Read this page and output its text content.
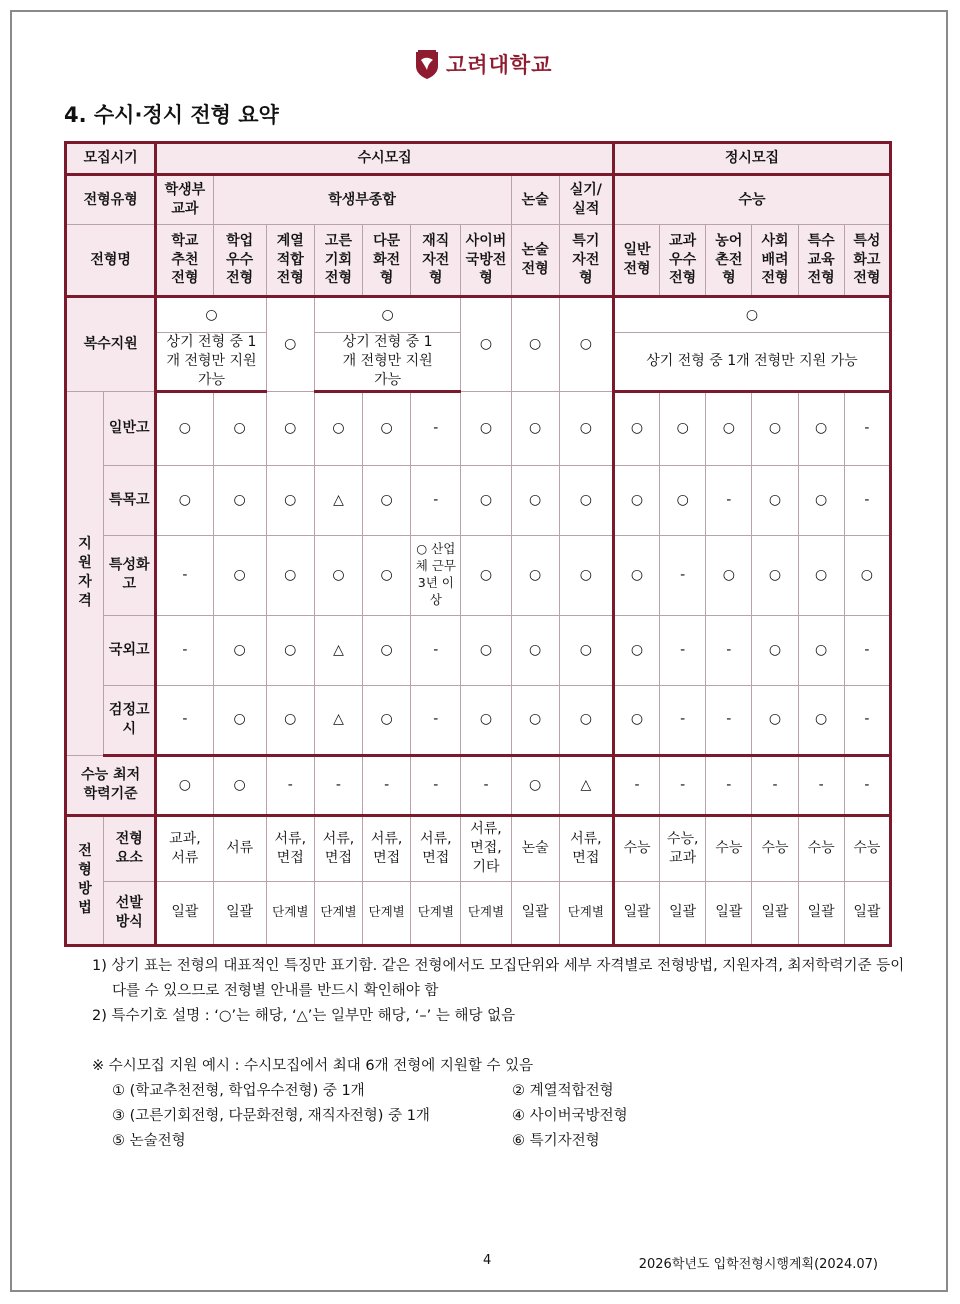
고려대학교
4. 수시·정시 전형 요약
모집시기		수시모집									정시모집					
전형유형		학생부교과	학생부종합						논술	실기/실적	수능					
전형명		학교추천전형	학업우수전형	계열적합전형	고른기회전형	다문화전형	재직자전형	사이버국방전형	논술전형	특기자전형	일반전형	교과우수전형	농어촌전형	사회배려전형	특수교육전형	특성화고전형
복수지원		○		○	○			○	○	○	○					
		상기 전형 중 1개 전형만 지원 가능			상기 전형 중 1개 전형만 지원 가능						상기 전형 중 1개 전형만 지원 가능					
지원자격	일반고	○	○	○	○	○	-	○	○	○	○	○	○	○	○	-
	특목고	○	○	○	△	○	-	○	○	○	○	○	-	○	○	-
	특성화고	-	○	○	○	○	○ 산업체 근무 3년 이상	○	○	○	○	-	○	○	○	○
	국외고	-	○	○	△	○	-	○	○	○	○	-	-	○	○	-
	검정고시	-	○	○	△	○	-	○	○	○	○	-	-	○	○	-
수능 최저 학력기준		○	○	-	-	-	-	-	○	△	-	-	-	-	-	-
전형방법	전형요소	교과, 서류	서류	서류, 면접	서류, 면접	서류, 면접	서류, 면접	서류, 면접, 기타	논술	서류, 면접	수능	수능, 교과	수능	수능	수능	수능
	선발방식	일괄	일괄	단계별	단계별	단계별	단계별	단계별	일괄	단계별	일괄	일괄	일괄	일괄	일괄	일괄
1) 상기 표는 전형의 대표적인 특징만 표기함. 같은 전형에서도 모집단위와 세부 자격별로 전형방법, 지원자격, 최저학력기준 등이
다를 수 있으므로 전형별 안내를 반드시 확인해야 함
2) 특수기호 설명 : ‘○’는 해당, ‘△’는 일부만 해당, ‘–’ 는 해당 없음
※ 수시모집 지원 예시 : 수시모집에서 최대 6개 전형에 지원할 수 있음
① (학교추천전형, 학업우수전형) 중 1개	② 계열적합전형
③ (고른기회전형, 다문화전형, 재직자전형) 중 1개	④ 사이버국방전형
⑤ 논술전형	⑥ 특기자전형
4	2026학년도 입학전형시행계획(2024.07)
